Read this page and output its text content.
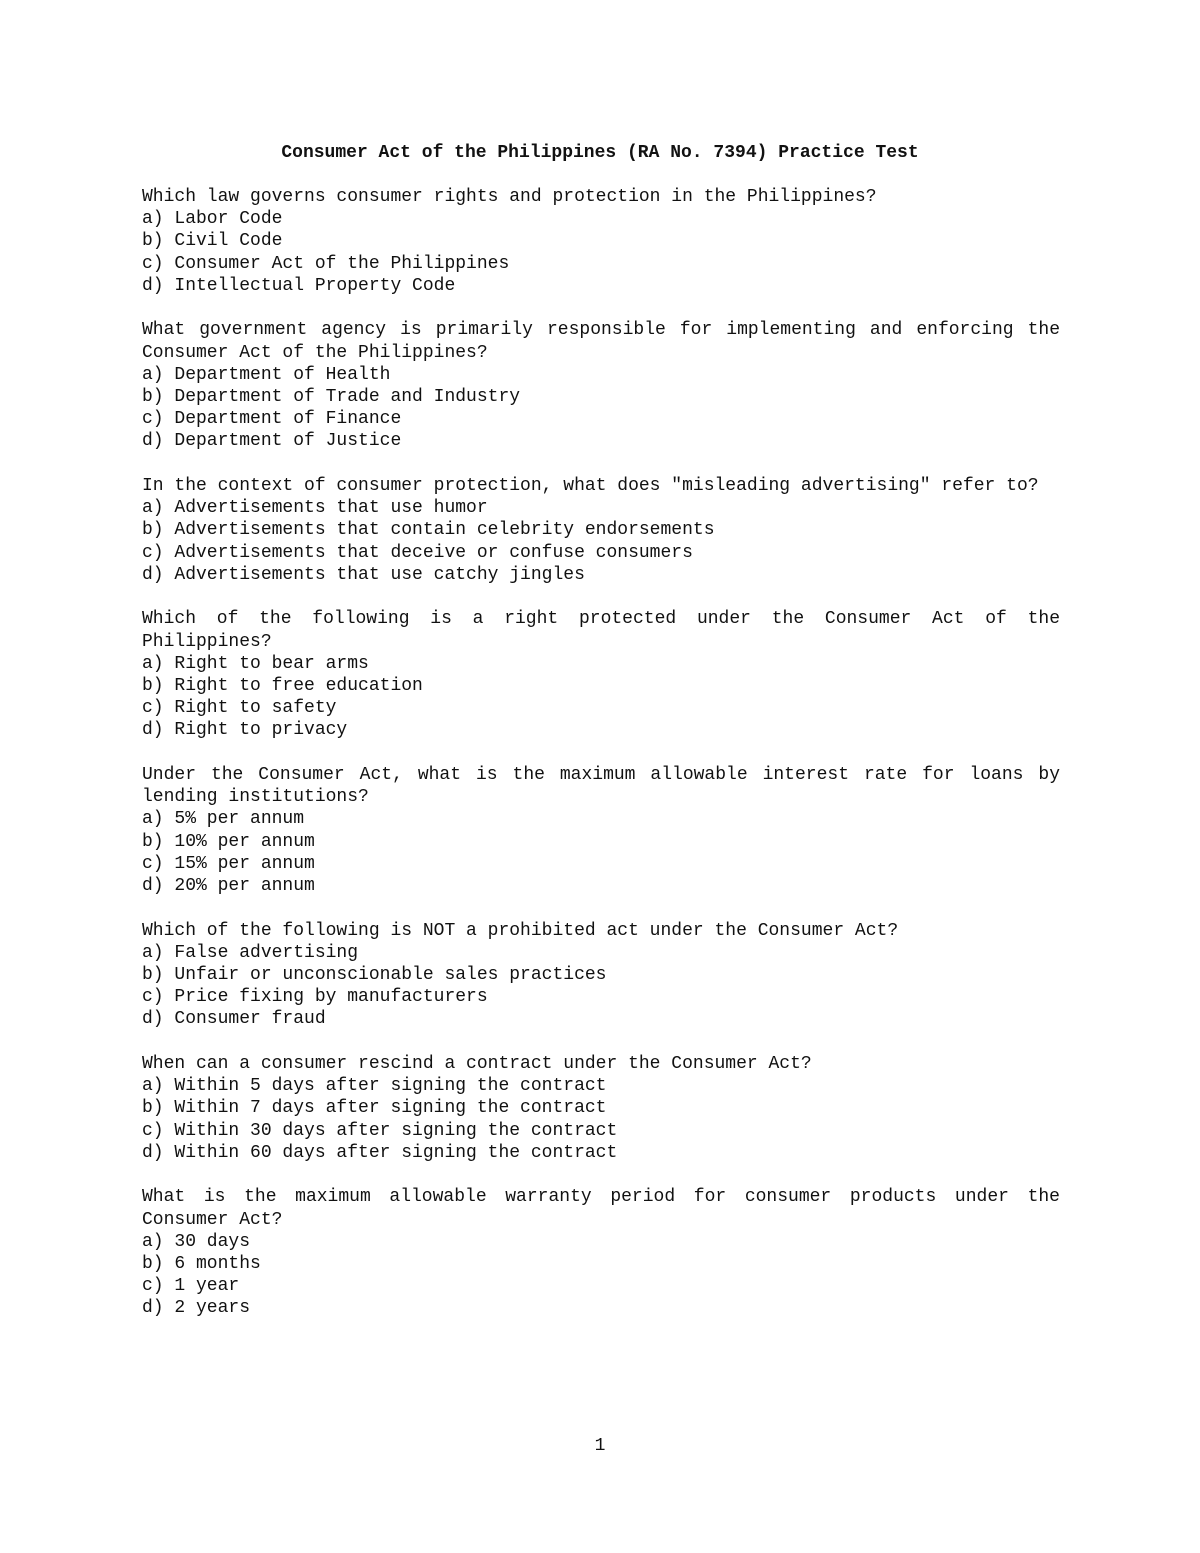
Consumer Act of the Philippines (RA No. 7394) Practice Test
Which law governs consumer rights and protection in the Philippines?
a) Labor Code
b) Civil Code
c) Consumer Act of the Philippines
d) Intellectual Property Code
What government agency is primarily responsible for implementing and enforcing the Consumer Act of the Philippines?
a) Department of Health
b) Department of Trade and Industry
c) Department of Finance
d) Department of Justice
In the context of consumer protection, what does "misleading advertising" refer to?
a) Advertisements that use humor
b) Advertisements that contain celebrity endorsements
c) Advertisements that deceive or confuse consumers
d) Advertisements that use catchy jingles
Which of the following is a right protected under the Consumer Act of the Philippines?
a) Right to bear arms
b) Right to free education
c) Right to safety
d) Right to privacy
Under the Consumer Act, what is the maximum allowable interest rate for loans by lending institutions?
a) 5% per annum
b) 10% per annum
c) 15% per annum
d) 20% per annum
Which of the following is NOT a prohibited act under the Consumer Act?
a) False advertising
b) Unfair or unconscionable sales practices
c) Price fixing by manufacturers
d) Consumer fraud
When can a consumer rescind a contract under the Consumer Act?
a) Within 5 days after signing the contract
b) Within 7 days after signing the contract
c) Within 30 days after signing the contract
d) Within 60 days after signing the contract
What is the maximum allowable warranty period for consumer products under the Consumer Act?
a) 30 days
b) 6 months
c) 1 year
d) 2 years
1
